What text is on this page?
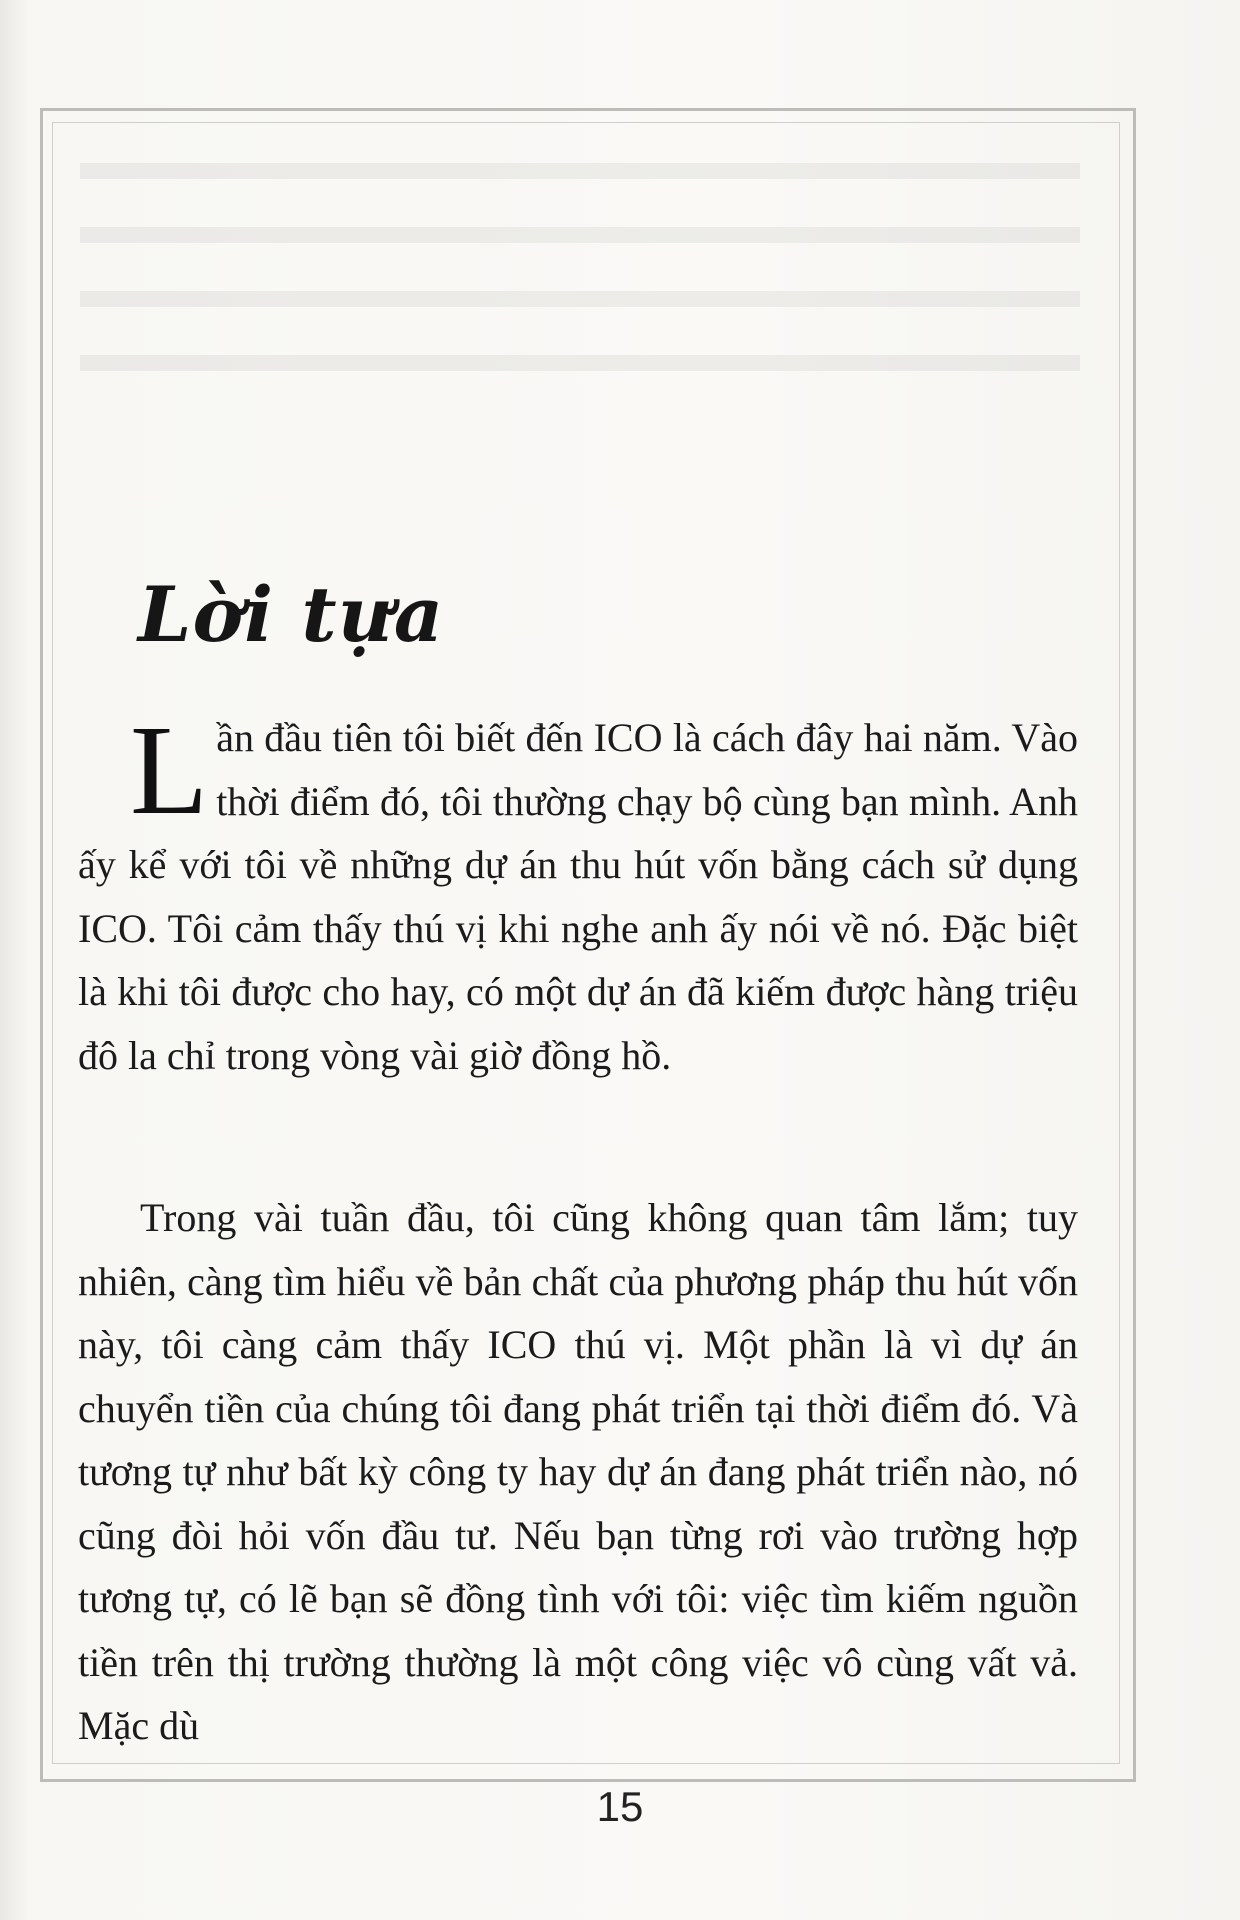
Lời tựa

Lần đầu tiên tôi biết đến ICO là cách đây hai năm. Vào thời điểm đó, tôi thường chạy bộ cùng bạn mình. Anh ấy kể với tôi về những dự án thu hút vốn bằng cách sử dụng ICO. Tôi cảm thấy thú vị khi nghe anh ấy nói về nó. Đặc biệt là khi tôi được cho hay, có một dự án đã kiếm được hàng triệu đô la chỉ trong vòng vài giờ đồng hồ.

Trong vài tuần đầu, tôi cũng không quan tâm lắm; tuy nhiên, càng tìm hiểu về bản chất của phương pháp thu hút vốn này, tôi càng cảm thấy ICO thú vị. Một phần là vì dự án chuyển tiền của chúng tôi đang phát triển tại thời điểm đó. Và tương tự như bất kỳ công ty hay dự án đang phát triển nào, nó cũng đòi hỏi vốn đầu tư. Nếu bạn từng rơi vào trường hợp tương tự, có lẽ bạn sẽ đồng tình với tôi: việc tìm kiếm nguồn tiền trên thị trường thường là một công việc vô cùng vất vả. Mặc dù

15
